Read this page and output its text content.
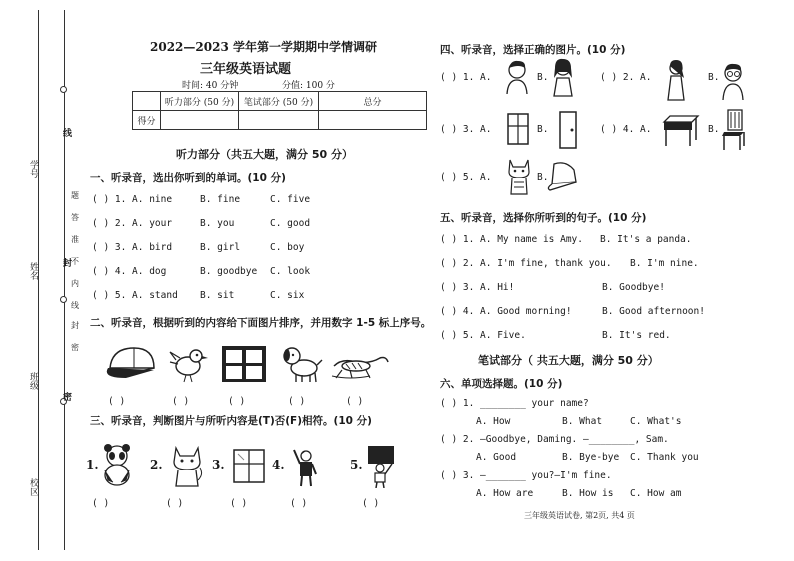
学号
姓名
班级
校区
线
封
密
题
答
准
不
内
线
封
密
2022—2023 学年第一学期期中学情调研
三年级英语试题
时间: 40 分钟	分值: 100 分
	听力部分 (50 分)	笔试部分 (50 分)	总分
得分			
听力部分（共五大题，满分 50 分）
一、听录音，选出你听到的单词。(10 分)
( ) 1. A. nine	B. fine	C. five
( ) 2. A. your	B. you	C. good
( ) 3. A. bird	B. girl	C. boy
( ) 4. A. dog	B. goodbye C. look
( ) 5. A. stand B. sit	C. six
二、听录音，根据听到的内容给下面图片排序，并用数字 1-5 标上序号。
( )	( )	( )	( )	( )
三、听录音，判断图片与所听内容是(T)否(F)相符。(10 分)
1.
( )
2.
( )
3.
( )
4.
( )
5.
( )
四、听录音，选择正确的图片。(10 分)
( ) 1. A.	B.	( ) 2. A.	B.
( ) 3. A.	B.	( ) 4. A.	B.
( ) 5. A.	B.
五、听录音，选择你所听到的句子。(10 分)
( ) 1. A. My name is Amy. B. It's a panda.
( ) 2. A. I'm fine, thank you. B. I'm nine.
( ) 3. A. Hi!	B. Goodbye!
( ) 4. A. Good morning!	B. Good afternoon!
( ) 5. A. Five.	B. It's red.
笔试部分（ 共五大题，满分 50 分）
六、单项选择题。(10 分)
( ) 1. ________ your name?
A. How	B. What	C. What's
( ) 2. —Goodbye, Daming. —________, Sam.
A. Good	B. Bye-bye C. Thank you
( ) 3. —_______ you?—I'm fine.
A. How are	B. How is C. How am
三年级英语试卷, 第2页, 共4 页
